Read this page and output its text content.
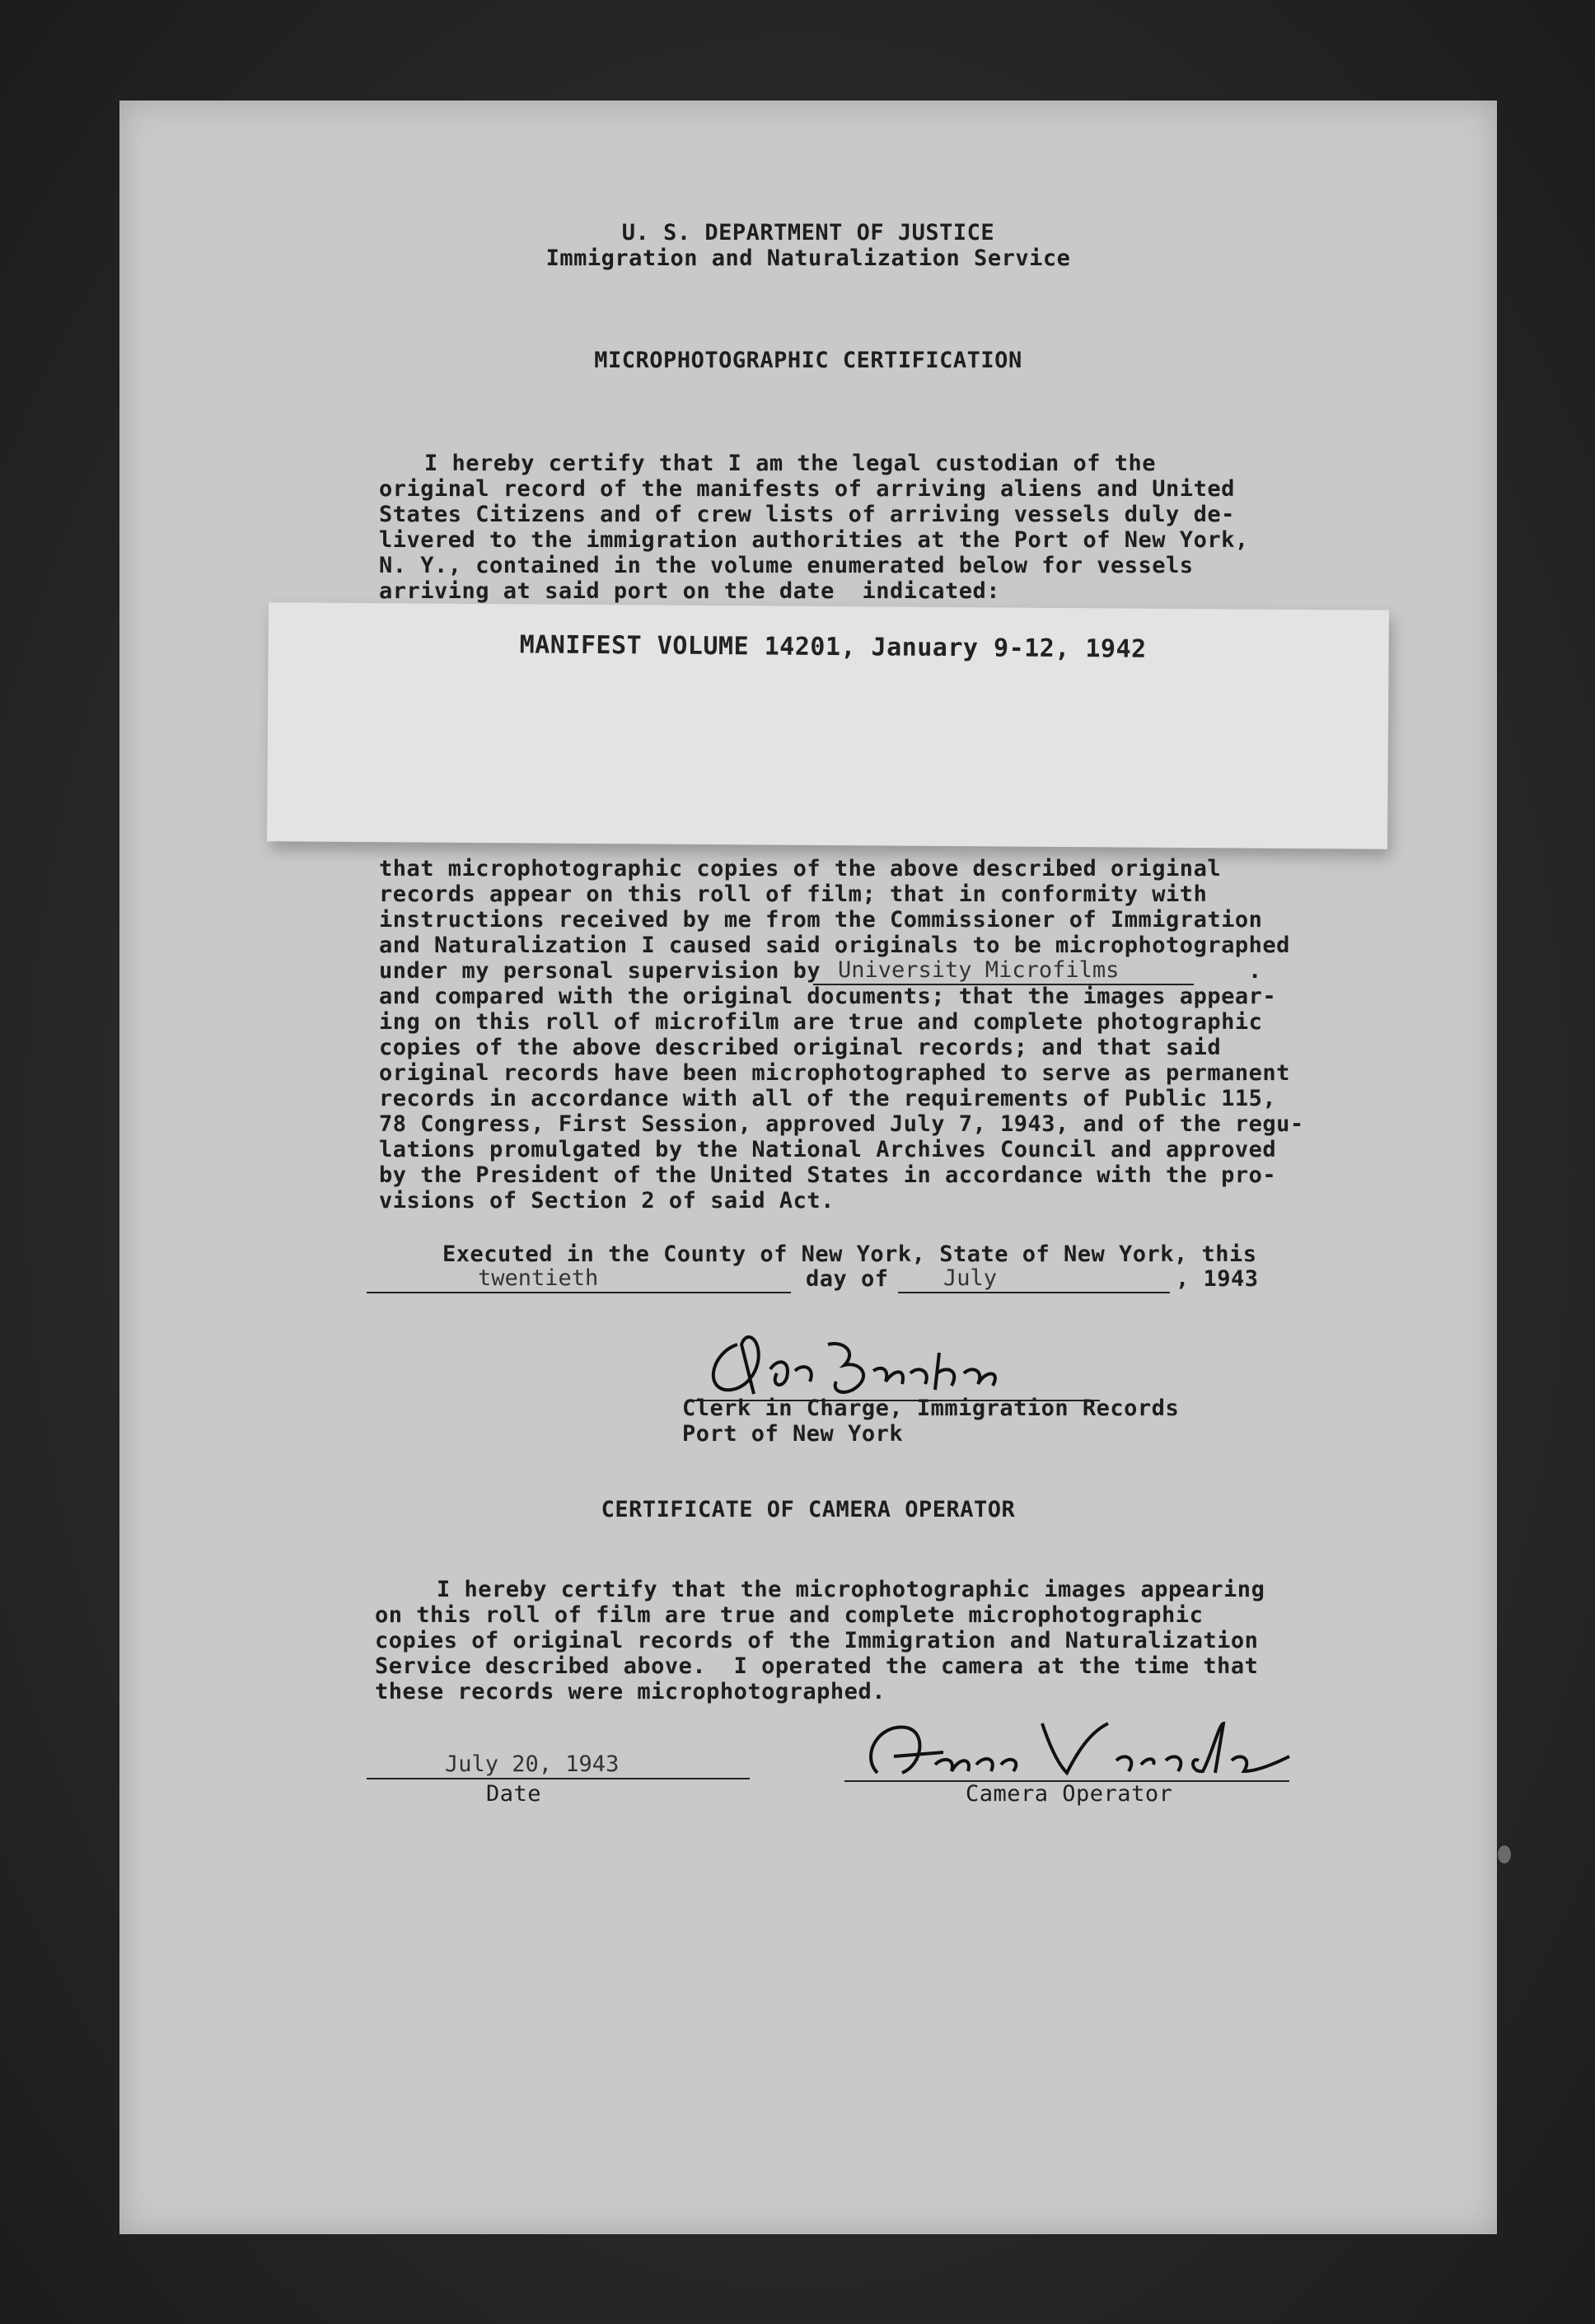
U. S. DEPARTMENT OF JUSTICE
Immigration and Naturalization Service
MICROPHOTOGRAPHIC CERTIFICATION
I hereby certify that I am the legal custodian of the
original record of the manifests of arriving aliens and United
States Citizens and of crew lists of arriving vessels duly de-
livered to the immigration authorities at the Port of New York,
N. Y., contained in the volume enumerated below for vessels
arriving at said port on the date  indicated:
MANIFEST VOLUME 14201, January 9-12, 1942
that microphotographic copies of the above described original
records appear on this roll of film; that in conformity with
instructions received by me from the Commissioner of Immigration
and Naturalization I caused said originals to be microphotographed
under my personal supervision by University Microfilms	.
and compared with the original documents; that the images appear-
ing on this roll of microfilm are true and complete photographic
copies of the above described original records; and that said
original records have been microphotographed to serve as permanent
records in accordance with all of the requirements of Public 115,
78 Congress, First Session, approved July 7, 1943, and of the regu-
lations promulgated by the National Archives Council and approved
by the President of the United States in accordance with the pro-
visions of Section 2 of said Act.
Executed in the County of New York, State of New York, this
twentieth	day of July	, 1943
Clerk in Charge, Immigration Records
Port of New York
CERTIFICATE OF CAMERA OPERATOR
I hereby certify that the microphotographic images appearing
on this roll of film are true and complete microphotographic
copies of original records of the Immigration and Naturalization
Service described above.  I operated the camera at the time that
these records were microphotographed.
July 20, 1943
Date	Camera Operator
